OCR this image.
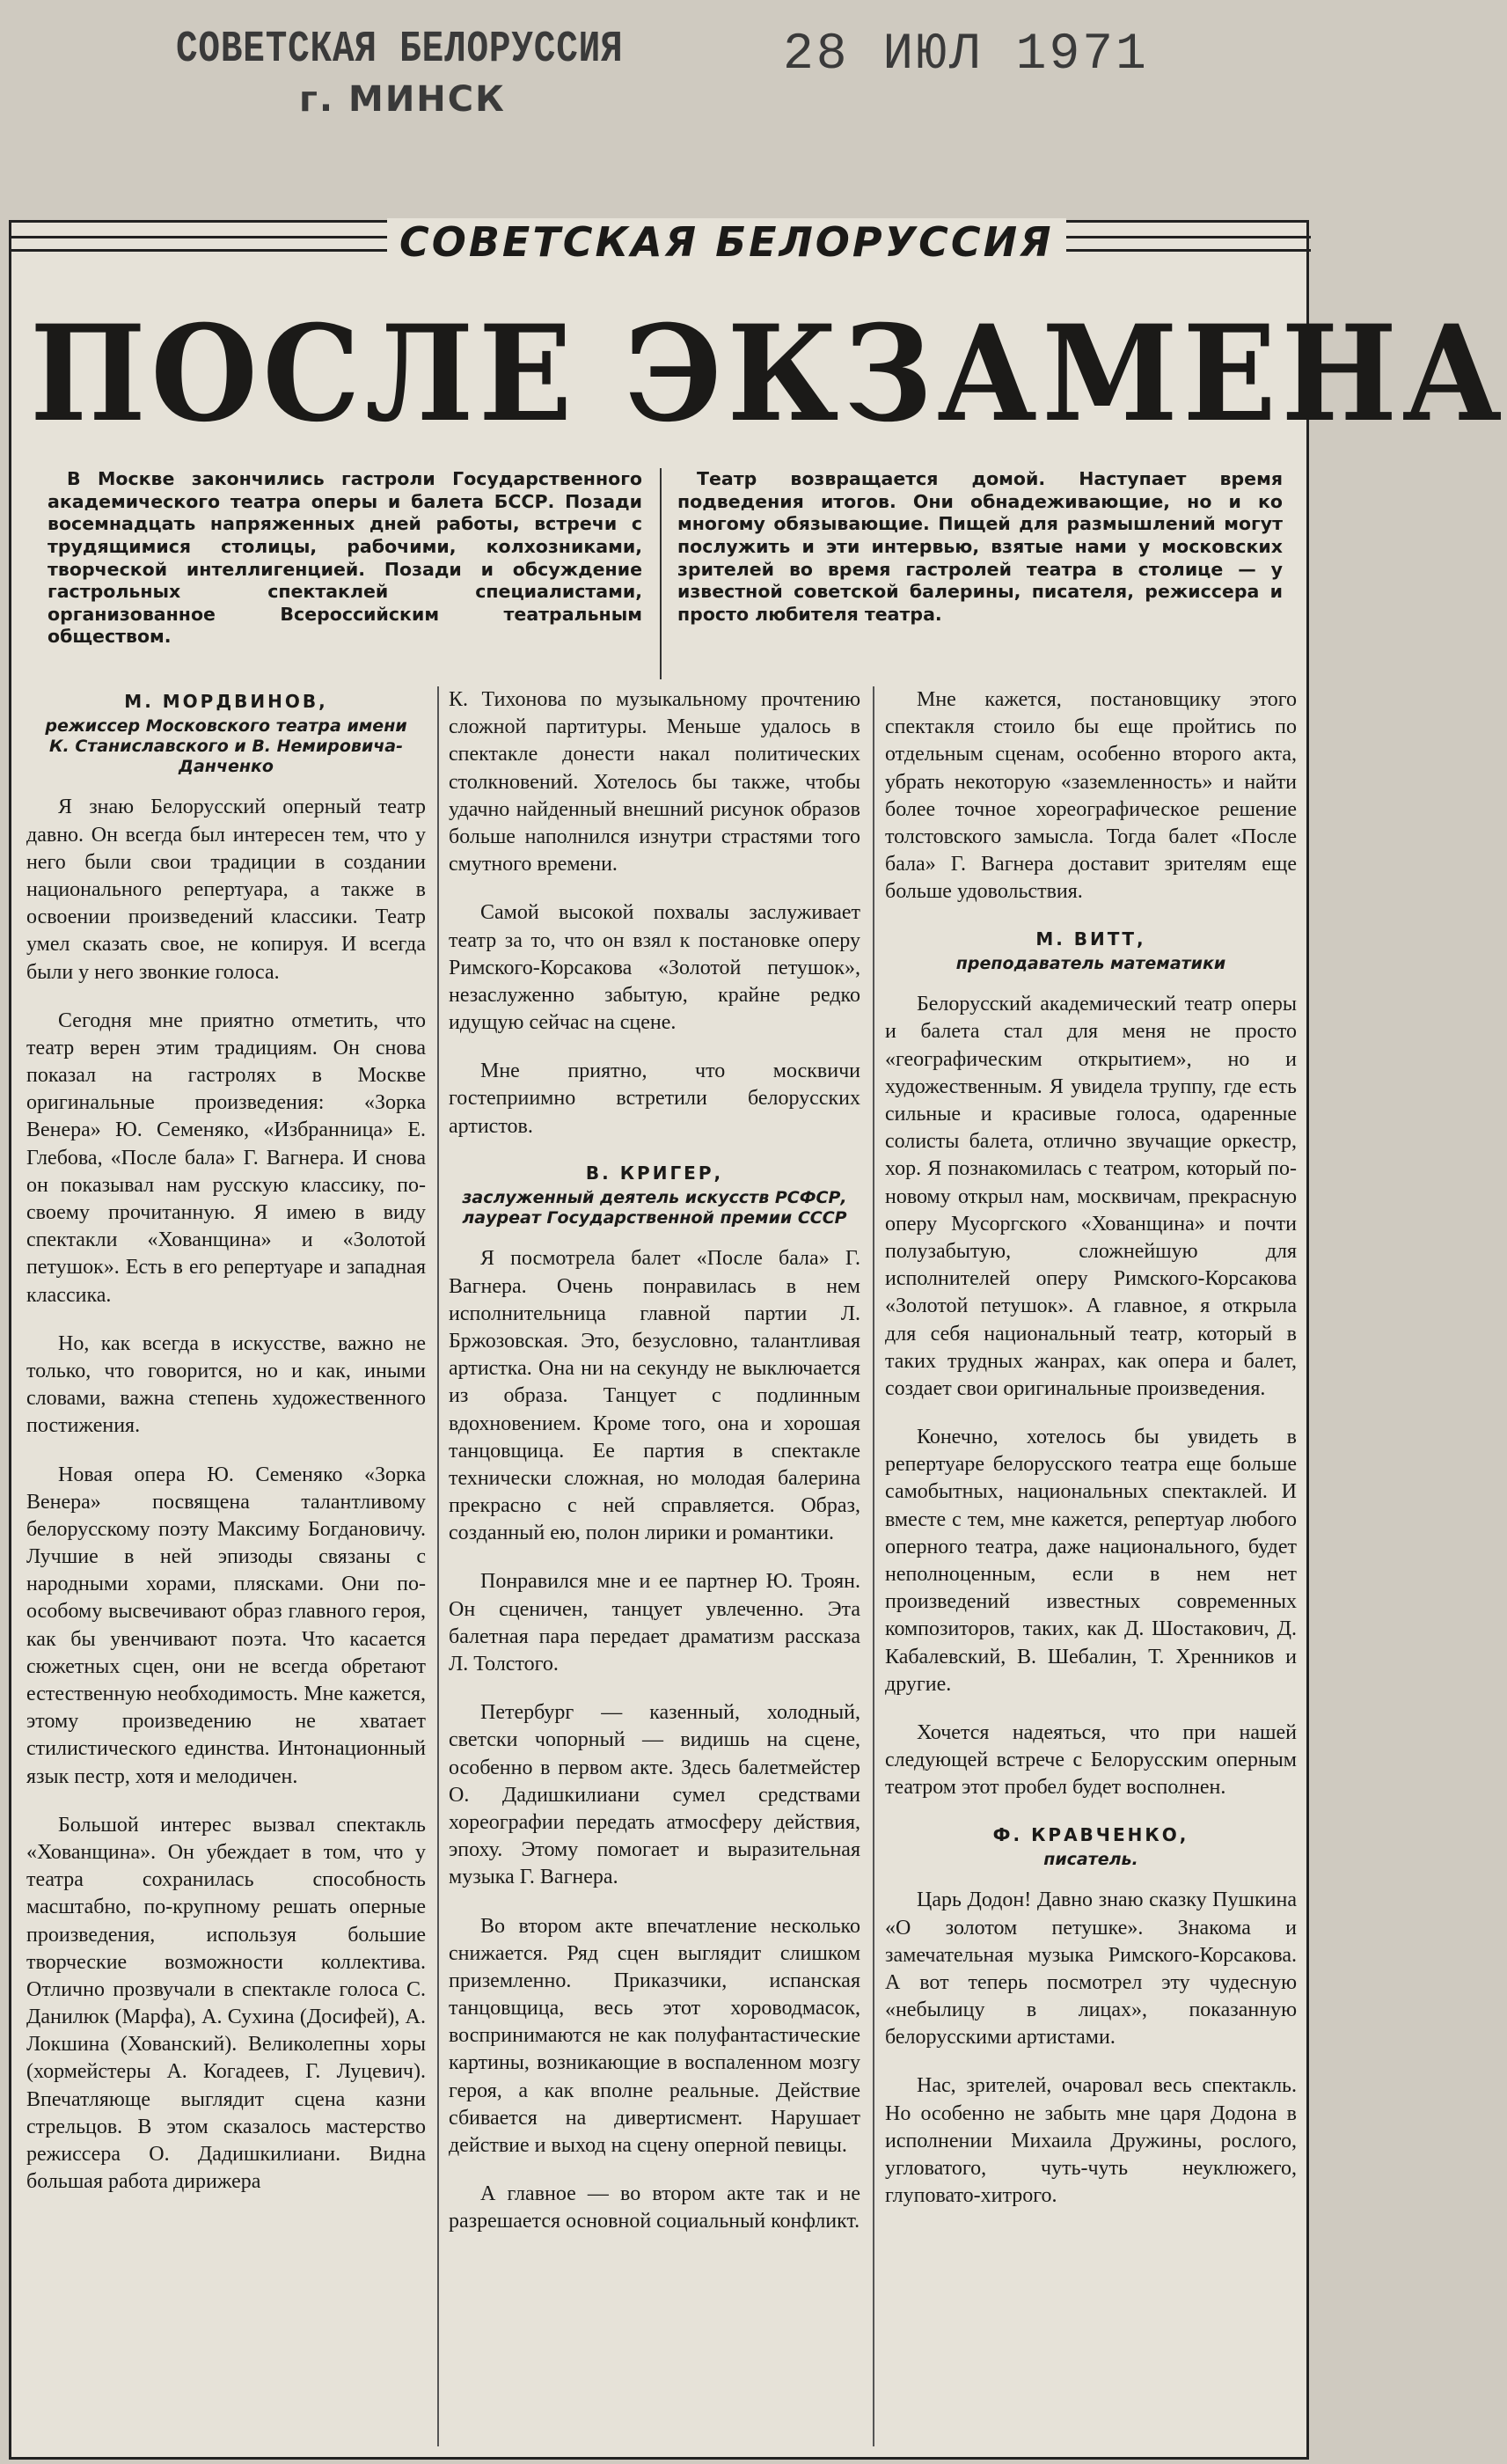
СОВЕТСКАЯ БЕЛОРУССИЯ
г. МИНСК
28 ИЮЛ 1971
СОВЕТСКАЯ БЕЛОРУССИЯ
ПОСЛЕ ЭКЗАМЕНА

В Москве закончились гастроли Государственного академического театра оперы и балета БССР. Позади восемнадцать напряженных дней работы, встречи с трудящимися столицы, рабочими, колхозниками, творческой интеллигенцией. Позади и обсуждение гастрольных спектаклей специалистами, организованное Всероссийским театральным обществом.

Театр возвращается домой. Наступает время подведения итогов. Они обнадеживающие, но и ко многому обязывающие. Пищей для размышлений могут послужить и эти интервью, взятые нами у московских зрителей во время гастролей театра в столице — у известной советской балерины, писателя, режиссера и просто любителя театра.

М. МОРДВИНОВ,
режиссер Московского театра имени К. Станиславского и В. Немировича-Данченко

Я знаю Белорусский оперный театр давно. Он всегда был интересен тем, что у него были свои традиции в создании национального репертуара, а также в освоении произведений классики. Театр умел сказать свое, не копируя. И всегда были у него звонкие голоса.

Сегодня мне приятно отметить, что театр верен этим традициям. Он снова показал на гастролях в Москве оригинальные произведения: «Зорка Венера» Ю. Семеняко, «Избранница» Е. Глебова, «После бала» Г. Вагнера. И снова он показывал нам русскую классику, по-своему прочитанную. Я имею в виду спектакли «Хованщина» и «Золотой петушок». Есть в его репертуаре и западная классика.

Но, как всегда в искусстве, важно не только, что говорится, но и как, иными словами, важна степень художественного постижения.

Новая опера Ю. Семеняко «Зорка Венера» посвящена талантливому белорусскому поэту Максиму Богдановичу. Лучшие в ней эпизоды связаны с народными хорами, плясками. Они по-особому высвечивают образ главного героя, как бы увенчивают поэта. Что касается сюжетных сцен, они не всегда обретают естественную необходимость. Мне кажется, этому произведению не хватает стилистического единства. Интонационный язык пестр, хотя и мелодичен.

Большой интерес вызвал спектакль «Хованщина». Он убеждает в том, что у театра сохранилась способность масштабно, по-крупному решать оперные произведения, используя большие творческие возможности коллектива. Отлично прозвучали в спектакле голоса С. Данилюк (Марфа), А. Сухина (Досифей), А. Локшина (Хованский). Великолепны хоры (хормейстеры А. Когадеев, Г. Луцевич). Впечатляюще выглядит сцена казни стрельцов. В этом сказалось мастерство режиссера О. Дадишкилиани. Видна большая работа дирижера

К. Тихонова по музыкальному прочтению сложной партитуры. Меньше удалось в спектакле донести накал политических столкновений. Хотелось бы также, чтобы удачно найденный внешний рисунок образов больше наполнился изнутри страстями того смутного времени.

Самой высокой похвалы заслуживает театр за то, что он взял к постановке оперу Римского-Корсакова «Золотой петушок», незаслуженно забытую, крайне редко идущую сейчас на сцене.

Мне приятно, что москвичи гостеприимно встретили белорусских артистов.

В. КРИГЕР,
заслуженный деятель искусств РСФСР, лауреат Государственной премии СССР

Я посмотрела балет «После бала» Г. Вагнера. Очень понравилась в нем исполнительница главной партии Л. Бржозовская. Это, безусловно, талантливая артистка. Она ни на секунду не выключается из образа. Танцует с подлинным вдохновением. Кроме того, она и хорошая танцовщица. Ее партия в спектакле технически сложная, но молодая балерина прекрасно с ней справляется. Образ, созданный ею, полон лирики и романтики.

Понравился мне и ее партнер Ю. Троян. Он сценичен, танцует увлеченно. Эта балетная пара передает драматизм рассказа Л. Толстого.

Петербург — казенный, холодный, светски чопорный — видишь на сцене, особенно в первом акте. Здесь балетмейстер О. Дадишкилиани сумел средствами хореографии передать атмосферу действия, эпоху. Этому помогает и выразительная музыка Г. Вагнера.

Во втором акте впечатление несколько снижается. Ряд сцен выглядит слишком приземленно. Приказчики, испанская танцовщица, весь этот хороводмасок, воспринимаются не как полуфантастические картины, возникающие в воспаленном мозгу героя, а как вполне реальные. Действие сбивается на дивертисмент. Нарушает действие и выход на сцену оперной певицы.

А главное — во втором акте так и не разрешается основной социальный конфликт.

Мне кажется, постановщику этого спектакля стоило бы еще пройтись по отдельным сценам, особенно второго акта, убрать некоторую «заземленность» и найти более точное хореографическое решение толстовского замысла. Тогда балет «После бала» Г. Вагнера доставит зрителям еще больше удовольствия.

М. ВИТТ,
преподаватель математики

Белорусский академический театр оперы и балета стал для меня не просто «географическим открытием», но и художественным. Я увидела труппу, где есть сильные и красивые голоса, одаренные солисты балета, отлично звучащие оркестр, хор. Я познакомилась с театром, который по-новому открыл нам, москвичам, прекрасную оперу Мусоргского «Хованщина» и почти полузабытую, сложнейшую для исполнителей оперу Римского-Корсакова «Золотой петушок». А главное, я открыла для себя национальный театр, который в таких трудных жанрах, как опера и балет, создает свои оригинальные произведения.

Конечно, хотелось бы увидеть в репертуаре белорусского театра еще больше самобытных, национальных спектаклей. И вместе с тем, мне кажется, репертуар любого оперного театра, даже национального, будет неполноценным, если в нем нет произведений известных современных композиторов, таких, как Д. Шостакович, Д. Кабалевский, В. Шебалин, Т. Хренников и другие.

Хочется надеяться, что при нашей следующей встрече с Белорусским оперным театром этот пробел будет восполнен.

Ф. КРАВЧЕНКО,
писатель.

Царь Додон! Давно знаю сказку Пушкина «О золотом петушке». Знакома и замечательная музыка Римского-Корсакова. А вот теперь посмотрел эту чудесную «небылицу в лицах», показанную белорусскими артистами.

Нас, зрителей, очаровал весь спектакль. Но особенно не забыть мне царя Додона в исполнении Михаила Дружины, рослого, угловатого, чуть-чуть неуклюжего, глуповато-хитрого.
